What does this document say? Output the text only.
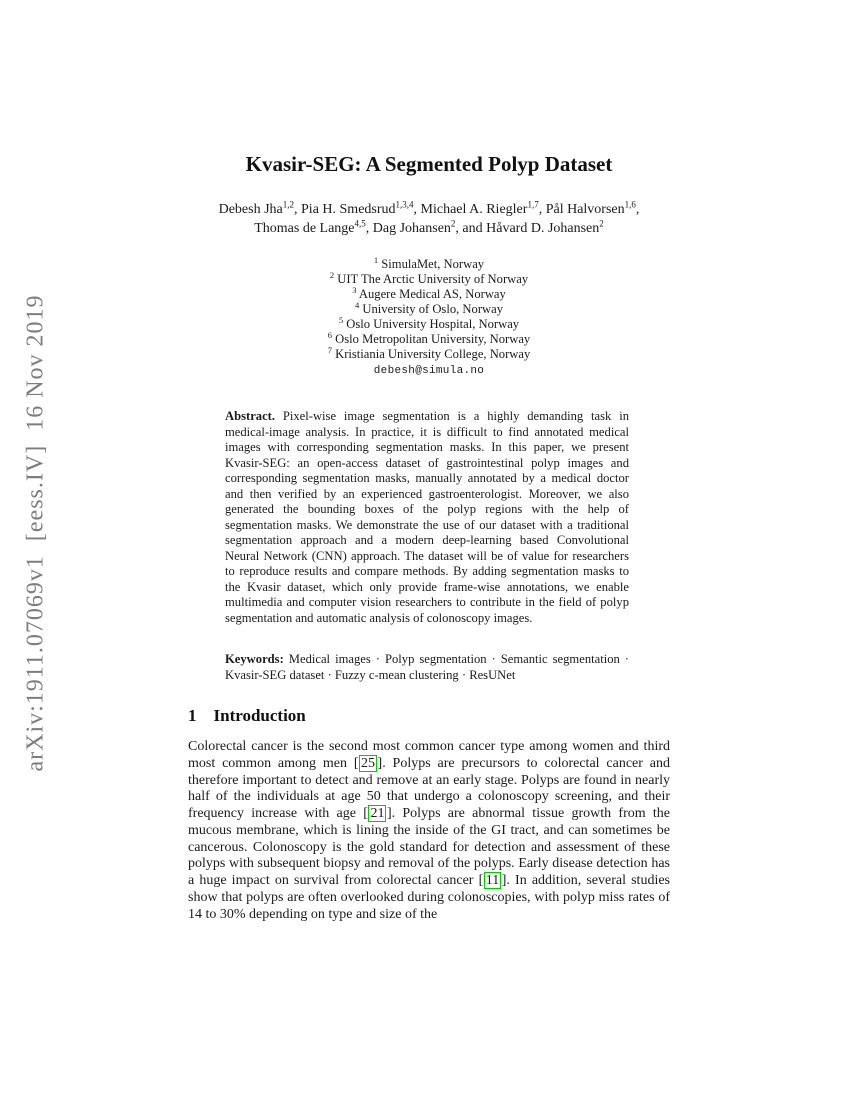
arXiv:1911.07069v1  [eess.IV]  16 Nov 2019
Kvasir-SEG: A Segmented Polyp Dataset
Debesh Jha$^{1,2}$, Pia H. Smedsrud$^{1,3,4}$, Michael A. Riegler$^{1,7}$, Pål Halvorsen$^{1,6}$,
Thomas de Lange$^{4,5}$, Dag Johansen$^2$, and Håvard D. Johansen$^2$
$^1$ SimulaMet, Norway
$^2$ UIT The Arctic University of Norway
$^3$ Augere Medical AS, Norway
$^4$ University of Oslo, Norway
$^5$ Oslo University Hospital, Norway
$^6$ Oslo Metropolitan University, Norway
$^7$ Kristiania University College, Norway
debesh@simula.no

Abstract. Pixel-wise image segmentation is a highly demanding task in medical-image analysis. In practice, it is difficult to find annotated medical images with corresponding segmentation masks. In this paper, we present Kvasir-SEG: an open-access dataset of gastrointestinal polyp images and corresponding segmentation masks, manually annotated by a medical doctor and then verified by an experienced gastroenterologist. Moreover, we also generated the bounding boxes of the polyp regions with the help of segmentation masks. We demonstrate the use of our dataset with a traditional segmentation approach and a modern deep-learning based Convolutional Neural Network (CNN) approach. The dataset will be of value for researchers to reproduce results and compare methods. By adding segmentation masks to the Kvasir dataset, which only provide frame-wise annotations, we enable multimedia and computer vision researchers to contribute in the field of polyp segmentation and automatic analysis of colonoscopy images.

Keywords: Medical images · Polyp segmentation · Semantic segmentation · Kvasir-SEG dataset · Fuzzy c-mean clustering · ResUNet

1 Introduction

Colorectal cancer is the second most common cancer type among women and third most common among men [ 25 ]. Polyps are precursors to colorectal cancer and therefore important to detect and remove at an early stage. Polyps are found in nearly half of the individuals at age 50 that undergo a colonoscopy screening, and their frequency increase with age [ 21 ]. Polyps are abnormal tissue growth from the mucous membrane, which is lining the inside of the GI tract, and can sometimes be cancerous. Colonoscopy is the gold standard for detection and assessment of these polyps with subsequent biopsy and removal of the polyps. Early disease detection has a huge impact on survival from colorectal cancer [ 11 ]. In addition, several studies show that polyps are often overlooked during colonoscopies, with polyp miss rates of 14 to 30% depending on type and size of the
